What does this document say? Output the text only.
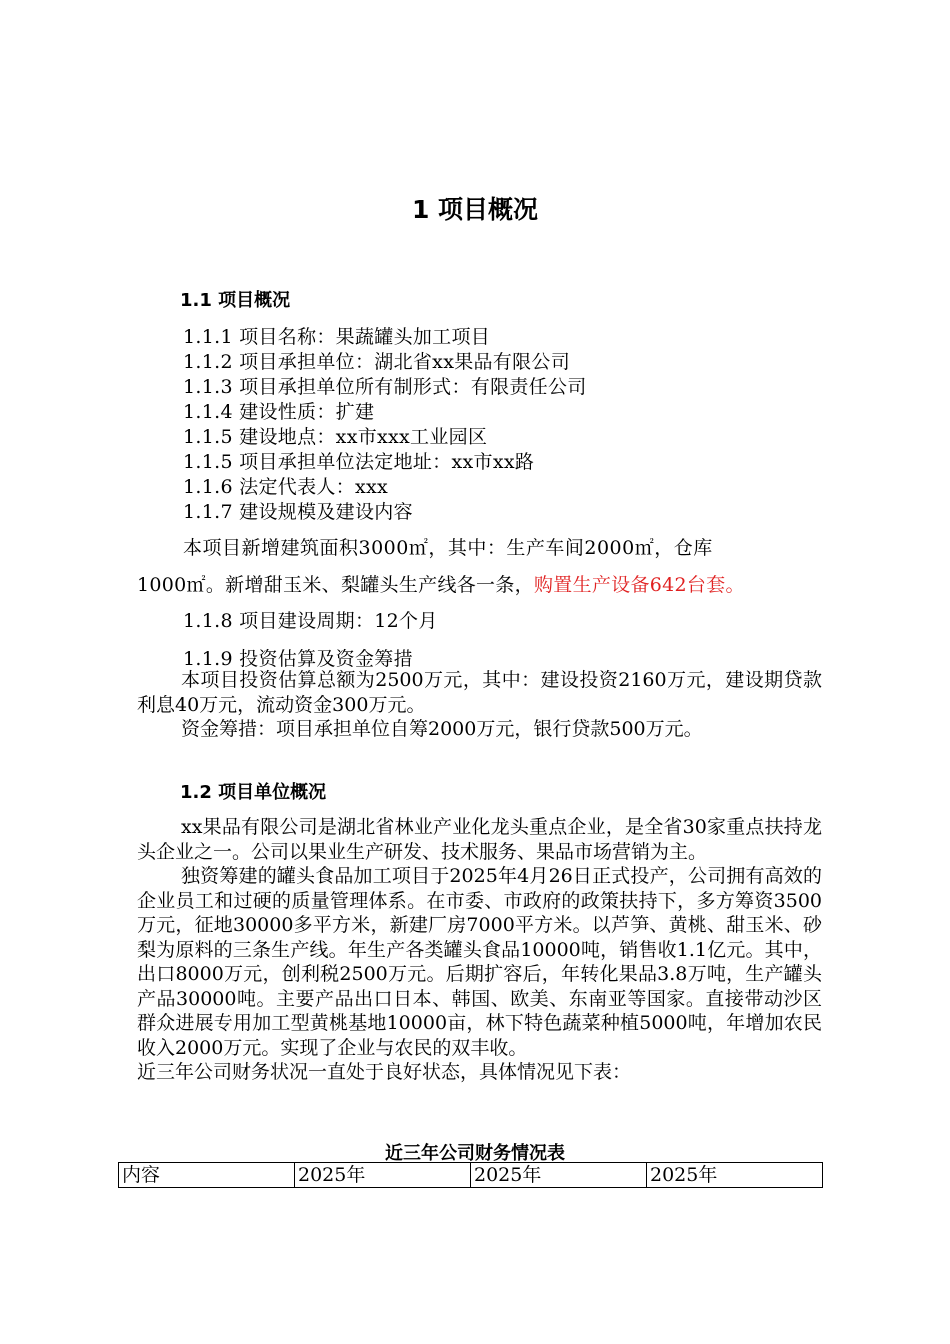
1 项目概况
1.1 项目概况
1.1.1 项目名称：果蔬罐头加工项目
1.1.2 项目承担单位：湖北省xx果品有限公司
1.1.3 项目承担单位所有制形式：有限责任公司
1.1.4 建设性质：扩建
1.1.5 建设地点：xx市xxx工业园区
1.1.5 项目承担单位法定地址：xx市xx路
1.1.6 法定代表人：xxx
1.1.7 建设规模及建设内容
本项目新增建筑面积3000㎡，其中：生产车间2000㎡，仓库
1000㎡。新增甜玉米、梨罐头生产线各一条，购置生产设备642台套。
1.1.8 项目建设周期：12个月
1.1.9 投资估算及资金筹措

本项目投资估算总额为2500万元，其中：建设投资2160万元，建设期贷款利息40万元，流动资金300万元。

资金筹措：项目承担单位自筹2000万元，银行贷款500万元。

1.2 项目单位概况

xx果品有限公司是湖北省林业产业化龙头重点企业，是全省30家重点扶持龙头企业之一。公司以果业生产研发、技术服务、果品市场营销为主。

独资筹建的罐头食品加工项目于2025年4月26日正式投产，公司拥有高效的企业员工和过硬的质量管理体系。在市委、市政府的政策扶持下，多方筹资3500万元，征地30000多平方米，新建厂房7000平方米。以芦笋、黄桃、甜玉米、砂梨为原料的三条生产线。年生产各类罐头食品10000吨，销售收1.1亿元。其中，出口8000万元，创利税2500万元。后期扩容后，年转化果品3.8万吨，生产罐头产品30000吨。主要产品出口日本、韩国、欧美、东南亚等国家。直接带动沙区群众进展专用加工型黄桃基地10000亩，林下特色蔬菜种植5000吨，年增加农民收入2000万元。实现了企业与农民的双丰收。

近三年公司财务状况一直处于良好状态，具体情况见下表：

近三年公司财务情况表
内容	2025年	2025年	2025年
